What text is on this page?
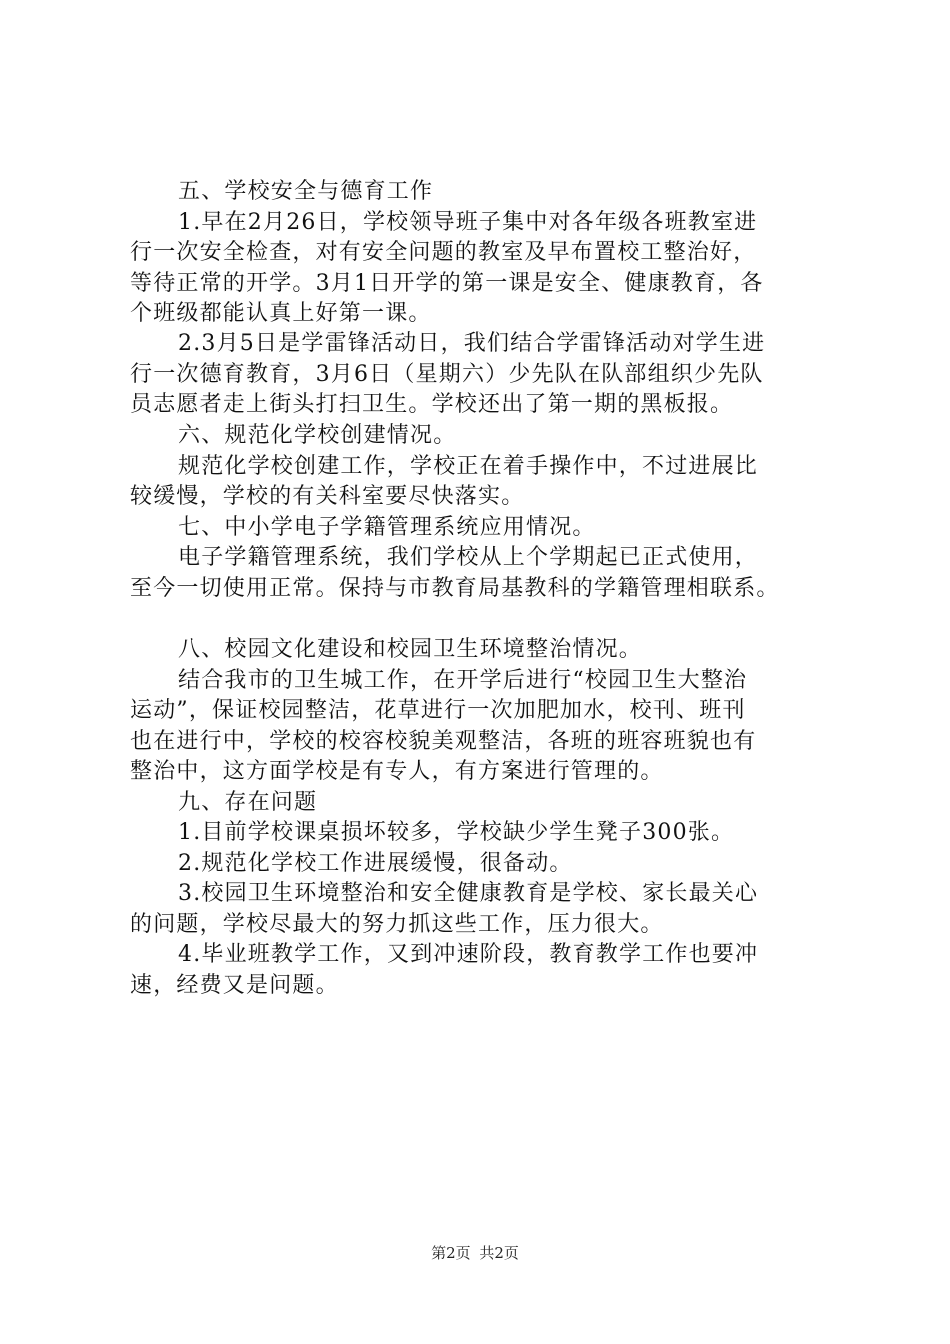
五、学校安全与德育工作
1.早在2月26日，学校领导班子集中对各年级各班教室进
行一次安全检查，对有安全问题的教室及早布置校工整治好，
等待正常的开学。3月1日开学的第一课是安全、健康教育，各
个班级都能认真上好第一课。
2.3月5日是学雷锋活动日，我们结合学雷锋活动对学生进
行一次德育教育，3月6日（星期六）少先队在队部组织少先队
员志愿者走上街头打扫卫生。学校还出了第一期的黑板报。
六、规范化学校创建情况。
规范化学校创建工作，学校正在着手操作中，不过进展比
较缓慢，学校的有关科室要尽快落实。
七、中小学电子学籍管理系统应用情况。
电子学籍管理系统，我们学校从上个学期起已正式使用，
至今一切使用正常。保持与市教育局基教科的学籍管理相联系。
八、校园文化建设和校园卫生环境整治情况。
结合我市的卫生城工作，在开学后进行“校园卫生大整治
运动”，保证校园整洁，花草进行一次加肥加水，校刊、班刊
也在进行中，学校的校容校貌美观整洁，各班的班容班貌也有
整治中，这方面学校是有专人，有方案进行管理的。
九、存在问题
1.目前学校课桌损坏较多，学校缺少学生凳子300张。
2.规范化学校工作进展缓慢，很备动。
3.校园卫生环境整治和安全健康教育是学校、家长最关心
的问题，学校尽最大的努力抓这些工作，压力很大。
4.毕业班教学工作，又到冲速阶段，教育教学工作也要冲
速，经费又是问题。
第2页 共2页
